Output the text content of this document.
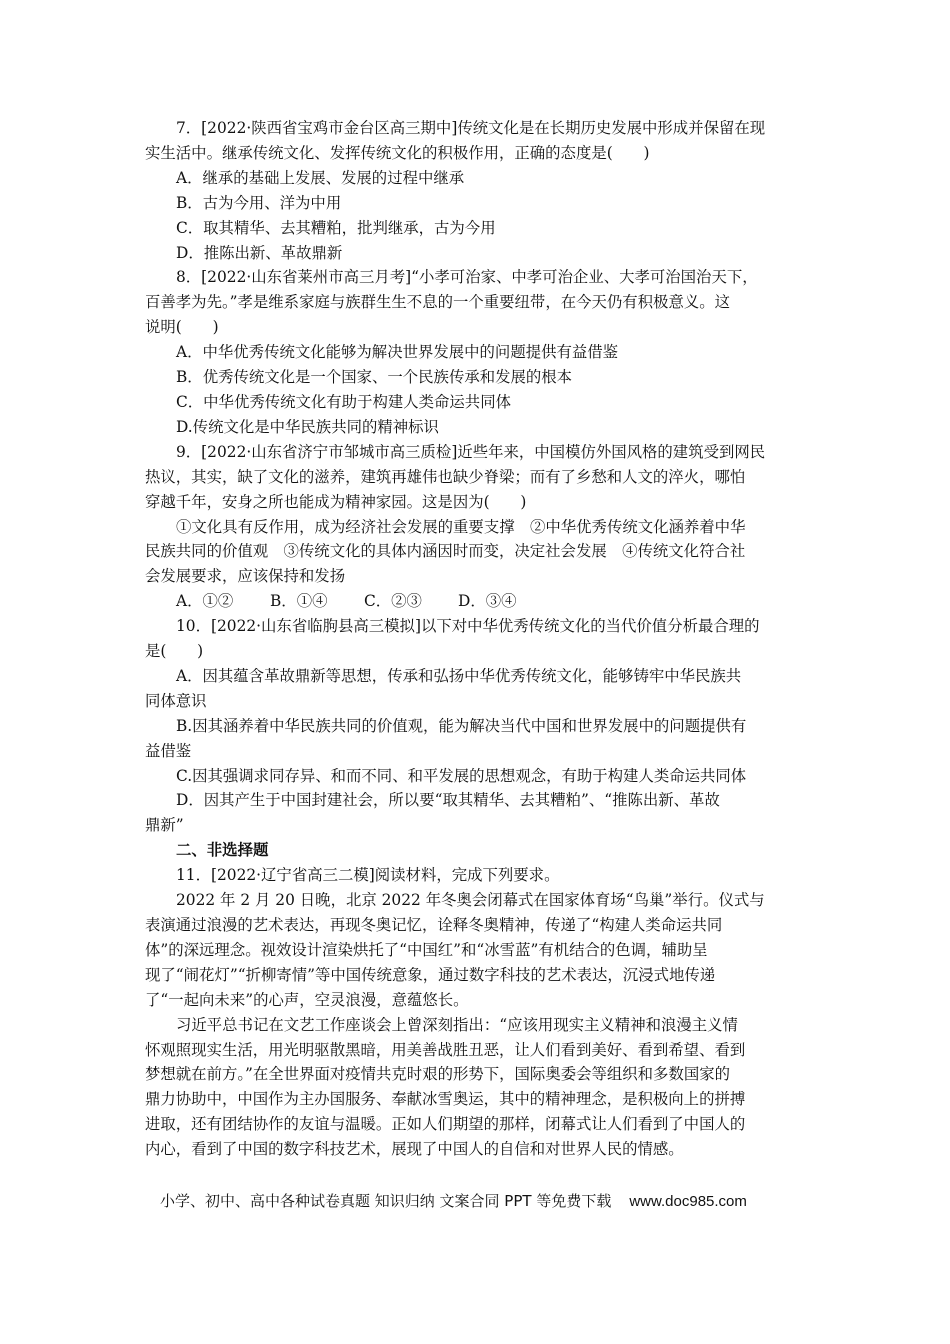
7．[2022·陕西省宝鸡市金台区高三期中]传统文化是在长期历史发展中形成并保留在现
实生活中。继承传统文化、发挥传统文化的积极作用，正确的态度是(　　)
A．继承的基础上发展、发展的过程中继承
B．古为今用、洋为中用
C．取其精华、去其糟粕，批判继承，古为今用
D．推陈出新、革故鼎新
8．[2022·山东省莱州市高三月考]“小孝可治家、中孝可治企业、大孝可治国治天下，
百善孝为先。”孝是维系家庭与族群生生不息的一个重要纽带，在今天仍有积极意义。这
说明(　　)
A．中华优秀传统文化能够为解决世界发展中的问题提供有益借鉴
B．优秀传统文化是一个国家、一个民族传承和发展的根本
C．中华优秀传统文化有助于构建人类命运共同体
D.传统文化是中华民族共同的精神标识
9．[2022·山东省济宁市邹城市高三质检]近些年来，中国模仿外国风格的建筑受到网民
热议，其实，缺了文化的滋养，建筑再雄伟也缺少脊梁；而有了乡愁和人文的淬火，哪怕
穿越千年，安身之所也能成为精神家园。这是因为(　　)
①文化具有反作用，成为经济社会发展的重要支撑　②中华优秀传统文化涵养着中华
民族共同的价值观　③传统文化的具体内涵因时而变，决定社会发展　④传统文化符合社
会发展要求，应该保持和发扬
A．①② B．①④ C．②③ D．③④
10．[2022·山东省临朐县高三模拟]以下对中华优秀传统文化的当代价值分析最合理的
是(　　)
A．因其蕴含革故鼎新等思想，传承和弘扬中华优秀传统文化，能够铸牢中华民族共
同体意识
B.因其涵养着中华民族共同的价值观，能为解决当代中国和世界发展中的问题提供有
益借鉴
C.因其强调求同存异、和而不同、和平发展的思想观念，有助于构建人类命运共同体
D．因其产生于中国封建社会，所以要“取其精华、去其糟粕”、“推陈出新、革故
鼎新”
二、非选择题
11．[2022·辽宁省高三二模]阅读材料，完成下列要求。
2022 年 2 月 20 日晚，北京 2022 年冬奥会闭幕式在国家体育场“鸟巢”举行。仪式与
表演通过浪漫的艺术表达，再现冬奥记忆，诠释冬奥精神，传递了“构建人类命运共同
体”的深远理念。视效设计渲染烘托了“中国红”和“冰雪蓝”有机结合的色调，辅助呈
现了“闹花灯”“折柳寄情”等中国传统意象，通过数字科技的艺术表达，沉浸式地传递
了“一起向未来”的心声，空灵浪漫，意蕴悠长。
习近平总书记在文艺工作座谈会上曾深刻指出：“应该用现实主义精神和浪漫主义情
怀观照现实生活，用光明驱散黑暗，用美善战胜丑恶，让人们看到美好、看到希望、看到
梦想就在前方。”在全世界面对疫情共克时艰的形势下，国际奥委会等组织和多数国家的
鼎力协助中，中国作为主办国服务、奉献冰雪奥运，其中的精神理念，是积极向上的拼搏
进取，还有团结协作的友谊与温暖。正如人们期望的那样，闭幕式让人们看到了中国人的
内心，看到了中国的数字科技艺术，展现了中国人的自信和对世界人民的情感。
小学、初中、高中各种试卷真题 知识归纳 文案合同 PPT 等免费下载 www.doc985.com
